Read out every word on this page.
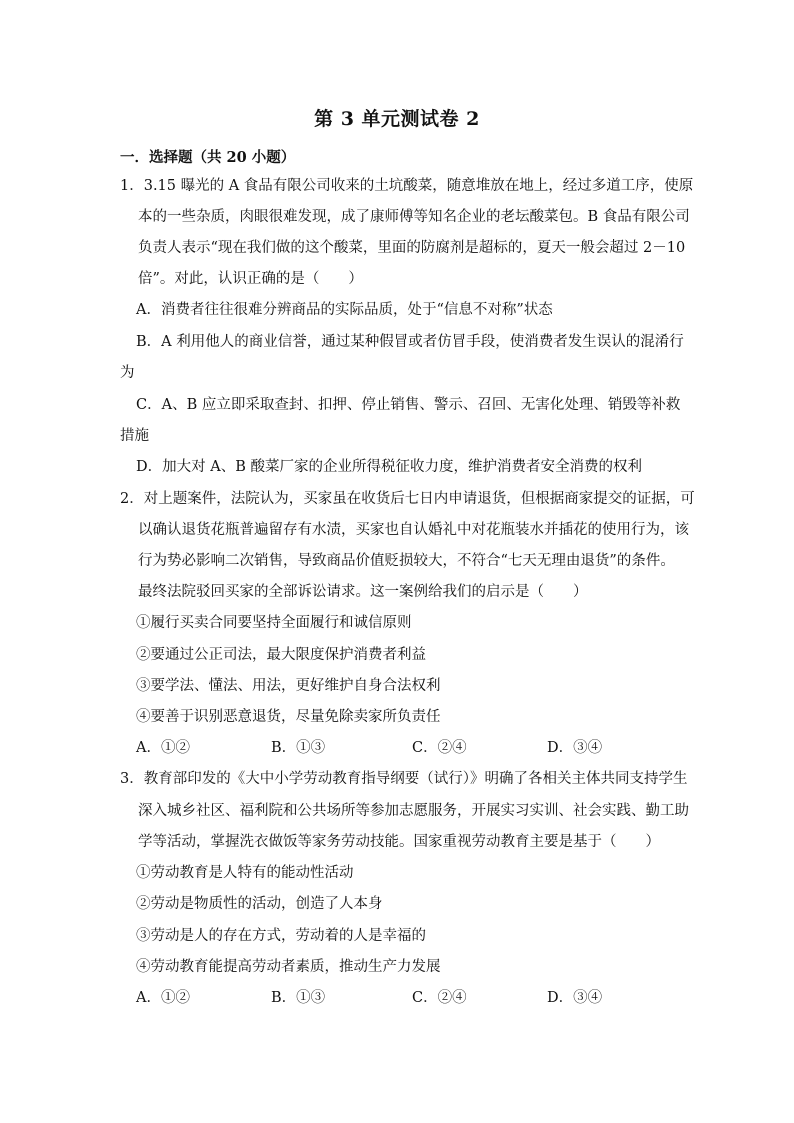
第 3 单元测试卷 2
一．选择题（共 20 小题）
1．3.15 曝光的 A 食品有限公司收来的土坑酸菜，随意堆放在地上，经过多道工序，使原
本的一些杂质，肉眼很难发现，成了康师傅等知名企业的老坛酸菜包。B 食品有限公司
负责人表示“现在我们做的这个酸菜，里面的防腐剂是超标的，夏天一般会超过 2－10
倍”。对此，认识正确的是（　　）
A．消费者往往很难分辨商品的实际品质，处于“信息不对称”状态
B．A 利用他人的商业信誉，通过某种假冒或者仿冒手段，使消费者发生误认的混淆行
为
C．A、B 应立即采取查封、扣押、停止销售、警示、召回、无害化处理、销毁等补救
措施
D．加大对 A、B 酸菜厂家的企业所得税征收力度，维护消费者安全消费的权利
2．对上题案件，法院认为，买家虽在收货后七日内申请退货，但根据商家提交的证据，可
以确认退货花瓶普遍留存有水渍，买家也自认婚礼中对花瓶装水并插花的使用行为，该
行为势必影响二次销售，导致商品价值贬损较大，不符合“七天无理由退货”的条件。
最终法院驳回买家的全部诉讼请求。这一案例给我们的启示是（　　）
①履行买卖合同要坚持全面履行和诚信原则
②要通过公正司法，最大限度保护消费者利益
③要学法、懂法、用法，更好维护自身合法权利
④要善于识别恶意退货，尽量免除卖家所负责任
A．①②	B．①③	C．②④	D．③④
3．教育部印发的《大中小学劳动教育指导纲要（试行）》明确了各相关主体共同支持学生
深入城乡社区、福利院和公共场所等参加志愿服务，开展实习实训、社会实践、勤工助
学等活动，掌握洗衣做饭等家务劳动技能。国家重视劳动教育主要是基于（　　）
①劳动教育是人特有的能动性活动
②劳动是物质性的活动，创造了人本身
③劳动是人的存在方式，劳动着的人是幸福的
④劳动教育能提高劳动者素质，推动生产力发展
A．①②	B．①③	C．②④	D．③④
